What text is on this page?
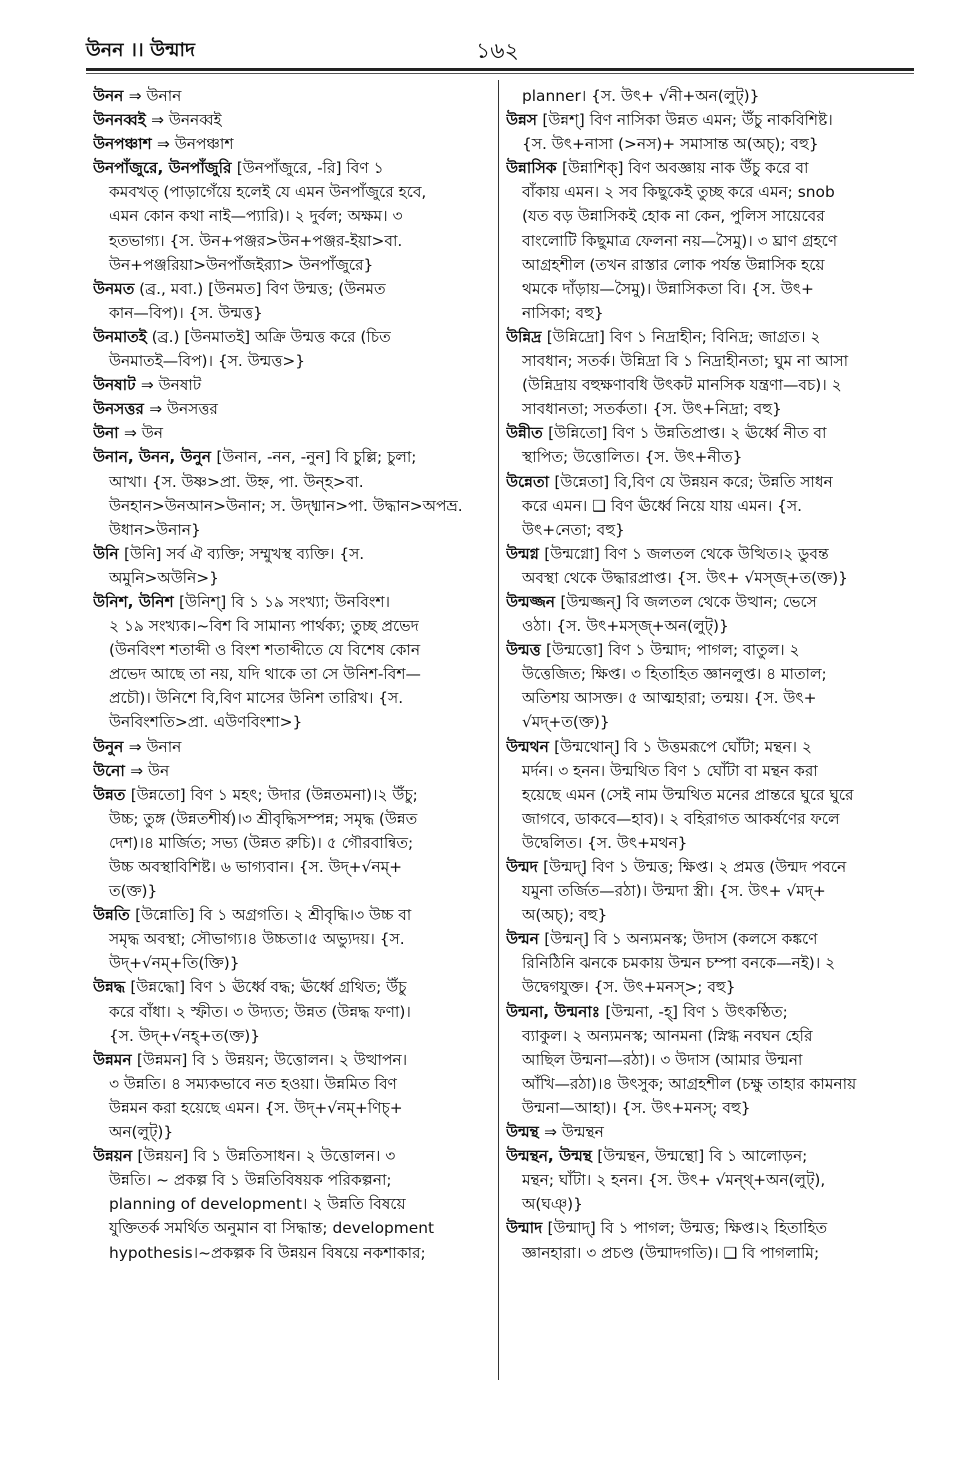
উনন ।। উন্মাদ	১৬২
উনন ⇒ উনান
উননব্বই ⇒ উননব্বই
উনপঞ্চাশ ⇒ উনপঞ্চাশ
উনপাঁজুরে, উনপাঁজুরি [উনপাঁজুরে, -রি] বিণ ১
কমবখত্ (পাড়াগেঁয়ে হলেই যে এমন উনপাঁজুরে হবে,
এমন কোন কথা নাই—প্যারি)। ২ দুর্বল; অক্ষম। ৩
হতভাগ্য। {স. উন+পঞ্জর>উন+পঞ্জর-ইয়া>বা.
উন+পঞ্জরিয়া>উনপাঁজইর‍্যা> উনপাঁজুরে}
উনমত (ব্র., মবা.) [উনমত] বিণ উন্মত্ত; (উনমত
কান—বিপ)। {স. উন্মত্ত}
উনমাতই (ব্র.) [উনমাতই] অক্রি উন্মত্ত করে (চিত
উনমাতই—বিপ)। {স. উন্মত্ত>}
উনষাট ⇒ উনষাট
উনসত্তর ⇒ উনসত্তর
উনা ⇒ উন
উনান, উনন, উনুন [উনান, -নন, -নুন] বি চুল্লি; চুলা;
আখা। {স. উষ্ণ>প্রা. উহ্ন, পা. উন্হ>বা.
উনহান>উনআন>উনান; স. উদ্ধ্মান>পা. উদ্ধান>অপভ্র.
উধান>উনান}
উনি [উনি] সর্ব ঐ ব্যক্তি; সম্মুখস্থ ব্যক্তি। {স.
অমুনি>অউনি>}
উনিশ, উনিশ [উনিশ্] বি ১ ১৯ সংখ্যা; উনবিংশ।
২ ১৯ সংখ্যক।~বিশ বি সামান্য পার্থক্য; তুচ্ছ প্রভেদ
(উনবিংশ শতাব্দী ও বিংশ শতাব্দীতে যে বিশেষ কোন
প্রভেদ আছে তা নয়, যদি থাকে তা সে উনিশ-বিশ—
প্রচৌ)। উনিশে বি,বিণ মাসের উনিশ তারিখ। {স.
উনবিংশতি>প্রা. এউণবিংশা>}
উনুন ⇒ উনান
উনো ⇒ উন
উন্নত [উন্নতো] বিণ ১ মহৎ; উদার (উন্নতমনা)।২ উঁচু;
উচ্চ; তুঙ্গ (উন্নতশীর্ষ)।৩ শ্রীবৃদ্ধিসম্পন্ন; সমৃদ্ধ (উন্নত
দেশ)।৪ মার্জিত; সভ্য (উন্নত রুচি)। ৫ গৌরবান্বিত;
উচ্চ অবস্থাবিশিষ্ট। ৬ ভাগ্যবান। {স. উদ্+√নম্+
ত(ক্ত)}
উন্নতি [উন্নোতি] বি ১ অগ্রগতি। ২ শ্রীবৃদ্ধি।৩ উচ্চ বা
সমৃদ্ধ অবস্থা; সৌভাগ্য।৪ উচ্চতা।৫ অভ্যুদয়। {স.
উদ্+√নম্+তি(ক্তি)}
উন্নদ্ধ [উন্নদ্ধো] বিণ ১ ঊর্ধ্বে বদ্ধ; ঊর্ধ্বে গ্রথিত; উঁচু
করে বাঁধা। ২ স্ফীত। ৩ উদ্যত; উন্নত (উন্নদ্ধ ফণা)।
{স. উদ্+√নহ্+ত(ক্ত)}
উন্নমন [উন্নমন] বি ১ উন্নয়ন; উত্তোলন। ২ উত্থাপন।
৩ উন্নতি। ৪ সম্যকভাবে নত হওয়া। উন্নমিত বিণ
উন্নমন করা হয়েছে এমন। {স. উদ্+√নম্+ণিচ্+
অন(লুট্)}
উন্নয়ন [উন্নয়ন] বি ১ উন্নতিসাধন। ২ উত্তোলন। ৩
উন্নতি। ~ প্রকল্প বি ১ উন্নতিবিষয়ক পরিকল্পনা;
planning of development। ২ উন্নতি বিষয়ে
যুক্তিতর্ক সমর্থিত অনুমান বা সিদ্ধান্ত; development
hypothesis।~প্রকল্পক বি উন্নয়ন বিষয়ে নকশাকার;
planner। {স. উৎ+ √নী+অন(লুট্)}
উন্নস [উন্নশ্] বিণ নাসিকা উন্নত এমন; উঁচু নাকবিশিষ্ট।
{স. উৎ+নাসা (>নস)+ সমাসান্ত অ(অচ্); বহু}
উন্নাসিক [উন্নাশিক্] বিণ অবজ্ঞায় নাক উঁচু করে বা
বাঁকায় এমন। ২ সব কিছুকেই তুচ্ছ করে এমন; snob
(যত বড় উন্নাসিকই হোক না কেন, পুলিস সায়েবের
বাংলোটি কিছুমাত্র ফেলনা নয়—সৈমু)। ৩ ঘ্রাণ গ্রহণে
আগ্রহশীল (তখন রাস্তার লোক পর্যন্ত উন্নাসিক হয়ে
থমকে দাঁড়ায়—সৈমু)। উন্নাসিকতা বি। {স. উৎ+
নাসিকা; বহু}
উন্নিদ্র [উন্নিদ্রো] বিণ ১ নিদ্রাহীন; বিনিদ্র; জাগ্রত। ২
সাবধান; সতর্ক। উন্নিদ্রা বি ১ নিদ্রাহীনতা; ঘুম না আসা
(উন্নিদ্রায় বহুক্ষণাবধি উৎকট মানসিক যন্ত্রণা—বচ)। ২
সাবধানতা; সতর্কতা। {স. উৎ+নিদ্রা; বহু}
উন্নীত [উন্নিতো] বিণ ১ উন্নতিপ্রাপ্ত। ২ ঊর্ধ্বে নীত বা
স্থাপিত; উত্তোলিত। {স. উৎ+নীত}
উন্নেতা [উন্নেতা] বি,বিণ যে উন্নয়ন করে; উন্নতি সাধন
করে এমন। ❑ বিণ ঊর্ধ্বে নিয়ে যায় এমন। {স.
উৎ+নেতা; বহু}
উন্মগ্ন [উন্মগ্নো] বিণ ১ জলতল থেকে উত্থিত।২ ডুবন্ত
অবস্থা থেকে উদ্ধারপ্রাপ্ত। {স. উৎ+ √মস্জ্+ত(ক্ত)}
উন্মজ্জন [উন্মজ্জন্] বি জলতল থেকে উত্থান; ভেসে
ওঠা। {স. উৎ+মস্জ্+অন(লুট্)}
উন্মত্ত [উন্মত্তো] বিণ ১ উন্মাদ; পাগল; বাতুল। ২
উত্তেজিত; ক্ষিপ্ত। ৩ হিতাহিত জ্ঞানলুপ্ত। ৪ মাতাল;
অতিশয় আসক্ত। ৫ আত্মহারা; তন্ময়। {স. উৎ+
√মদ্+ত(ক্ত)}
উন্মথন [উন্মথোন্] বি ১ উত্তমরূপে ঘোঁটা; মন্থন। ২
মর্দন। ৩ হনন। উন্মথিত বিণ ১ ঘোঁটা বা মন্থন করা
হয়েছে এমন (সেই নাম উন্মথিত মনের প্রান্তরে ঘুরে ঘুরে
জাগবে, ডাকবে—হাব)। ২ বহিরাগত আকর্ষণের ফলে
উদ্বেলিত। {স. উৎ+মথন}
উন্মদ [উন্মদ্] বিণ ১ উন্মত্ত; ক্ষিপ্ত। ২ প্রমত্ত (উন্মদ পবনে
যমুনা তর্জিত—রঠা)। উন্মদা স্ত্রী। {স. উৎ+ √মদ্+
অ(অচ্); বহু}
উন্মন [উন্মন্] বি ১ অন্যমনস্ক; উদাস (কলসে কঙ্কণে
রিনিঠিনি ঝনকে চমকায় উন্মন চম্পা বনকে—নই)। ২
উদ্বেগযুক্ত। {স. উৎ+মনস্>; বহু}
উন্মনা, উন্মনাঃ [উন্মনা, -হ্] বিণ ১ উৎকণ্ঠিত;
ব্যাকুল। ২ অন্যমনস্ক; আনমনা (স্নিগ্ধ নবঘন হেরি
আছিল উন্মনা—রঠা)। ৩ উদাস (আমার উন্মনা
আঁখি—রঠা)।৪ উৎসুক; আগ্রহশীল (চক্ষু তাহার কামনায়
উন্মনা—আহা)। {স. উৎ+মনস্; বহু}
উন্মন্থ ⇒ উন্মন্থন
উন্মন্থন, উন্মন্থ [উন্মন্থন, উন্মন্থো] বি ১ আলোড়ন;
মন্থন; ঘাঁটা। ২ হনন। {স. উৎ+ √মন্থ্+অন(লুট্),
অ(ঘঞ্)}
উন্মাদ [উন্মাদ্] বি ১ পাগল; উন্মত্ত; ক্ষিপ্ত।২ হিতাহিত
জ্ঞানহারা। ৩ প্রচণ্ড (উন্মাদগতি)। ❑ বি পাগলামি;
